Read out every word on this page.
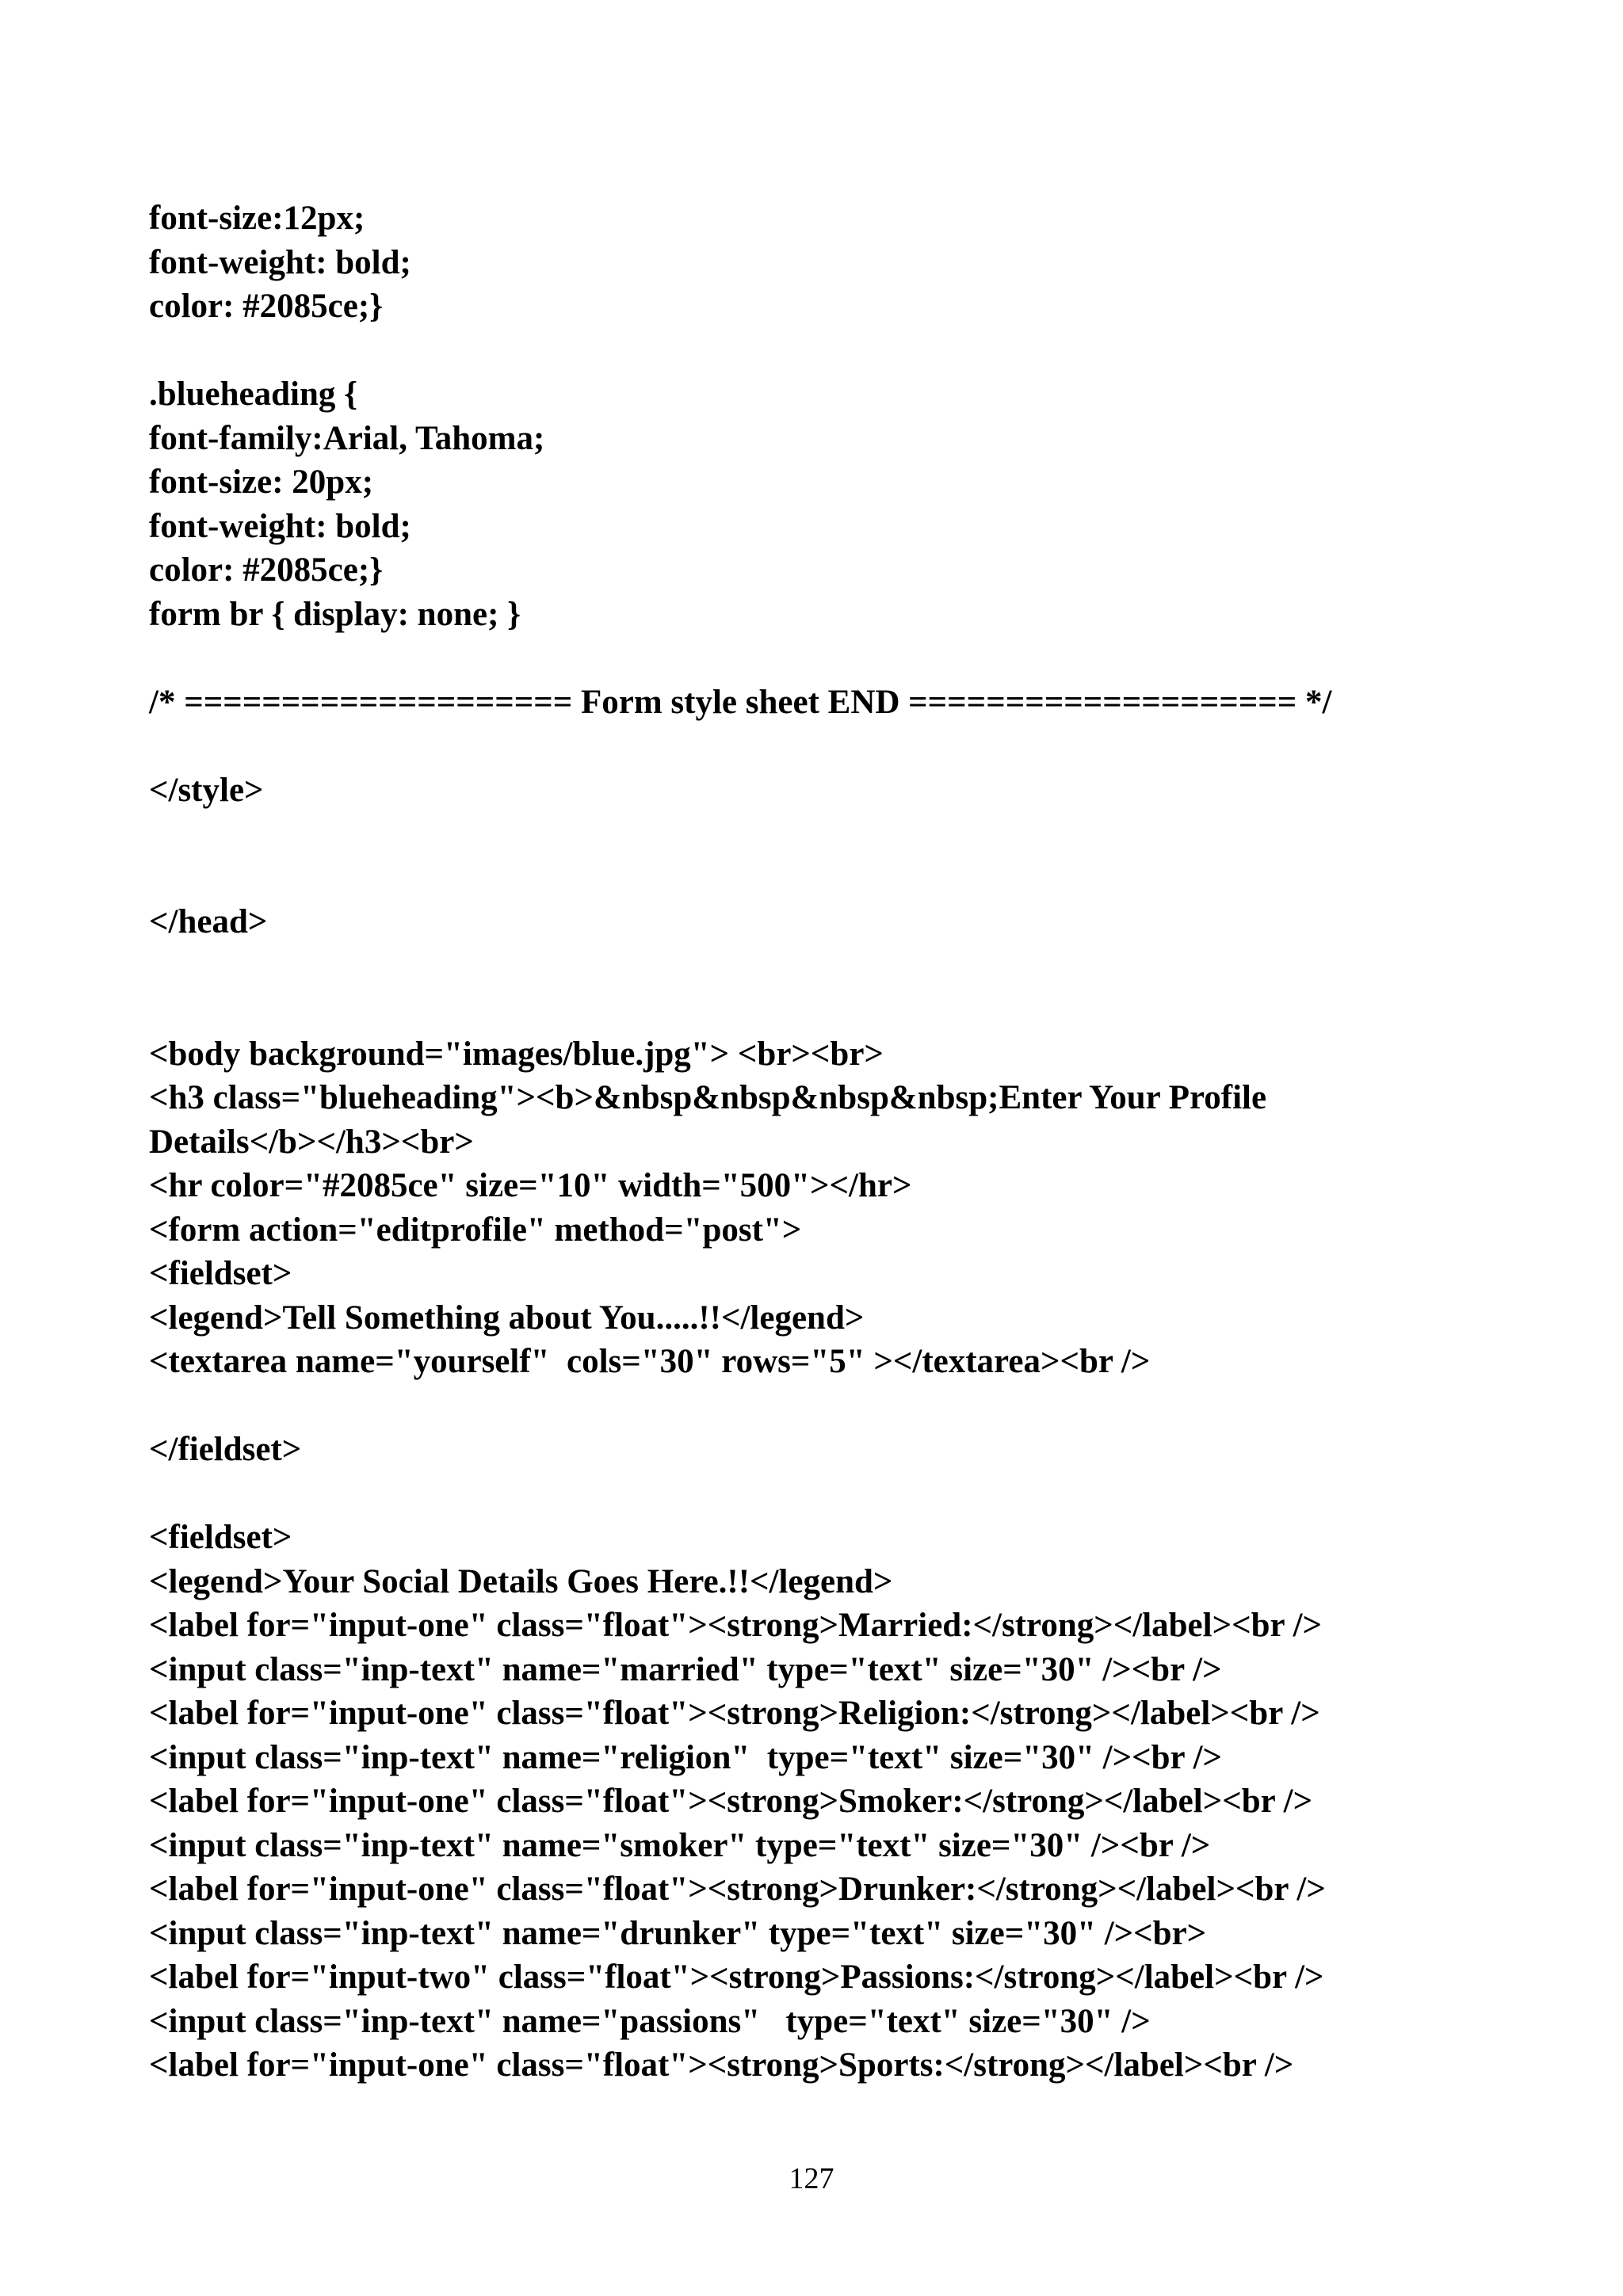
font-size:12px;
font-weight: bold;
color: #2085ce;}
.blueheading {
font-family:Arial, Tahoma;
font-size: 20px;
font-weight: bold;
color: #2085ce;}
form br { display: none; }
/* ==================== Form style sheet END ==================== */
</style>
</head>
<body background="images/blue.jpg"> <br><br>
<h3 class="blueheading"><b>&nbsp&nbsp&nbsp&nbsp;Enter Your Profile
Details</b></h3><br>
<hr color="#2085ce" size="10" width="500"></hr>
<form action="editprofile" method="post">
<fieldset>
<legend>Tell Something about You.....!!</legend>
<textarea name="yourself"  cols="30" rows="5" ></textarea><br />
</fieldset>
<fieldset>
<legend>Your Social Details Goes Here.!!</legend>
<label for="input-one" class="float"><strong>Married:</strong></label><br />
<input class="inp-text" name="married" type="text" size="30" /><br />
<label for="input-one" class="float"><strong>Religion:</strong></label><br />
<input class="inp-text" name="religion"  type="text" size="30" /><br />
<label for="input-one" class="float"><strong>Smoker:</strong></label><br />
<input class="inp-text" name="smoker" type="text" size="30" /><br />
<label for="input-one" class="float"><strong>Drunker:</strong></label><br />
<input class="inp-text" name="drunker" type="text" size="30" /><br>
<label for="input-two" class="float"><strong>Passions:</strong></label><br />
<input class="inp-text" name="passions"   type="text" size="30" />
<label for="input-one" class="float"><strong>Sports:</strong></label><br />
127
